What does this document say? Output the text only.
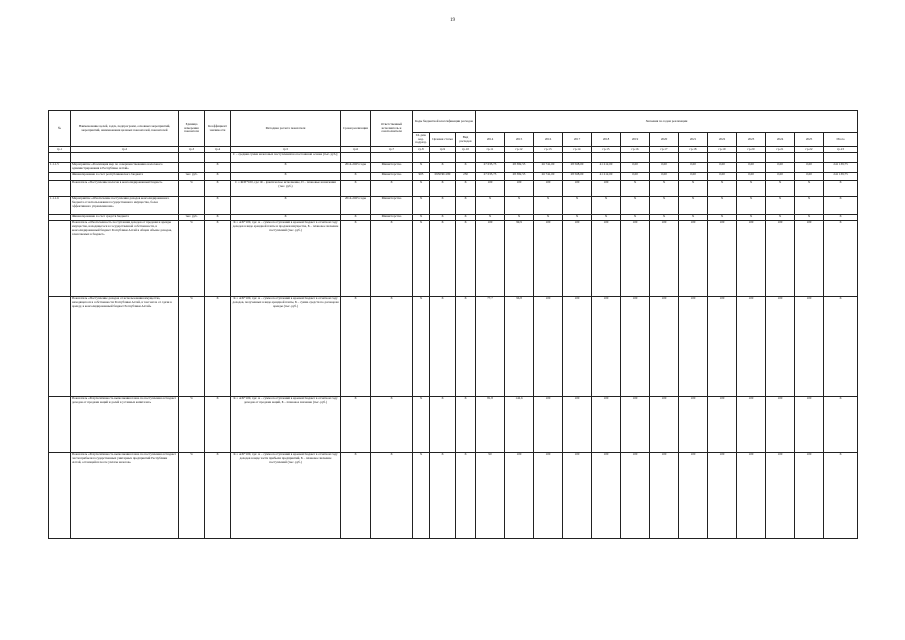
19
№	Наименование целей, задач, подпрограмм, основных мероприятий, мероприятий, наименования целевых показателей, показателей	Единица измерения показателя	Коэффициент значимости	Методика расчета показателя	Сроки реализации	Ответственный исполнитель и соисполнители	Коды бюджетной классификации расходов			Значения по годам реализации												
							ГА дин. код. подразд.	Целевая статья	Вид расходов	2014	2015	2016	2017	2018	2019	2020	2021	2022	2023	2024	2025	Итого
гр.1	гр.2	гр.3	гр.4	гр.5	гр.6	гр.7	гр.8	гр.9	гр.10	гр.11	гр.12	гр.13	гр.14	гр.15	гр.16	гр.17	гр.18	гр.19	гр.20	гр.21	гр.22	гр.23
				С – средняя сумма налоговых поступлений на постоянной основе (тыс. руб.);																		
1.1.1.5	Мероприятие «Реализация мер по совершенствованию налогового администрирования в Республике Алтай»		Х	Х	2014-2025 годы	Министерство	Х	Х	Х	27 035,75	28 382,55	26 741,00	28 568,00	41 212,00	0,00	0,00	0,00	0,00	0,00	0,00	0,00	241 139,75
	Финансирование за счет республиканского бюджета	тыс. руб.	Х	Х	Х	Министерство	905	0930301180	250	27 035,75	28 382,55	26 741,00	28 568,00	41 212,00	0,00	0,00	0,00	0,00	0,00	0,00	0,00	241 139,75
	Показатель «Поступление налогов в консолидированный бюджет»	%	Х	С = Ф/П*100, где: Ф – фактическое исполнение, П – плановые назначения (тыс. руб.)	Х	Х	Х	Х	Х	100	100	100	100	100	Х	Х	Х	Х	Х	Х	Х	Х
1.1.1.6	Мероприятие «Обеспечение поступления доходов консолидированного бюджета от использования государственного имущества, более эффективного управления им»		Х	Х	2014-2025 годы	Министерство	Х	Х	Х	Х	Х	Х	Х	Х	Х	Х	Х	Х	Х	Х	Х	Х
	Финансирование за счет средств бюджета	тыс. руб.	Х	Х	Х	Министерство	Х	Х	Х	Х	Х	Х	Х	Х	Х	Х	Х	Х	Х	Х	Х	Х
	Показатель «Обеспеченность поступления доходов от продажи и аренды имущества, находящегося в государственной собственности, в консолидированный бюджет Республики Алтай в общем объеме доходов, зачисляемых в бюджет»	%	Х	К = А/Б*100, где: А – сумма поступлений в краевой бюджет в отчетном году доходов в виде арендной платы и продажи имущества, Б – плановое значение поступлений (тыс. руб.)	Х	Х	Х	Х	Х	100	99,9	100	100	100	100	100	100	100	100	100	100	Х
	Показатель «Поступление доходов от использования имущества, находящегося в собственности Республики Алтай, в том числе от сдачи в аренду, в консолидированный бюджет Республики Алтай»	%	Х	К = А/Б*100, где: А – сумма поступлений в краевой бюджет в отчетном году доходов, полученных в виде арендной платы, Б – сумма средств по договорам аренды (тыс. руб.)	Х	Х	Х	Х	Х	77,7	96,8	100	100	100	100	100	100	100	100	100	100	Х
	Показатель «Результативность выполнения плана по поступлению в бюджет доходов от продажи акций и долей в уставных капиталах»	%	Х	К = А/Б*100, где: А – сумма поступлений в краевой бюджет в отчетном году доходов от продажи акций, Б – плановое значение (тыс. руб.)	Х	Х	Х	Х	Х	81,8	142,6	100	100	100	100	100	100	100	100	100	100	Х
	Показатель «Результативность выполнения плана по поступлению в бюджет части прибыли государственных унитарных предприятий Республики Алтай, остающейся после уплаты налогов»	%	Х	К = А/Б*100, где: А – сумма поступлений в краевой бюджет в отчетном году доходов в виде части прибыли предприятий, Б – плановое значение поступлений (тыс. руб.)	Х	Х	Х	Х	Х	90	100	100	100	100	100	100	100	100	100	100	100	Х
